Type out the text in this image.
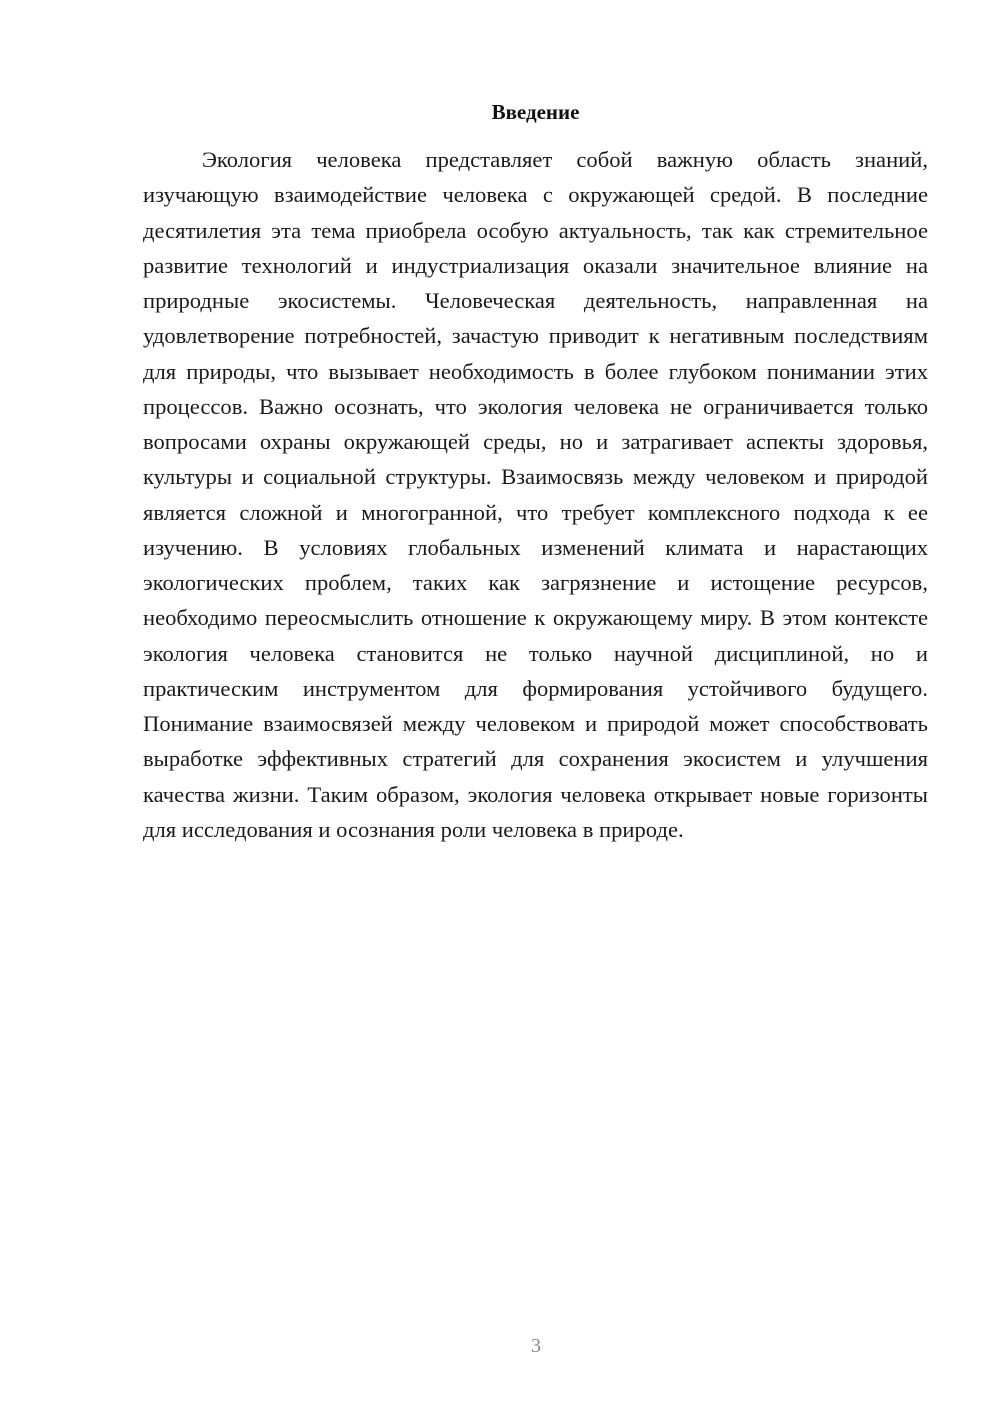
Введение

Экология человека представляет собой важную область знаний, изучающую взаимодействие человека с окружающей средой. В последние десятилетия эта тема приобрела особую актуальность, так как стремительное развитие технологий и индустриализация оказали значительное влияние на природные экосистемы. Человеческая деятельность, направленная на удовлетворение потребностей, зачастую приводит к негативным последствиям для природы, что вызывает необходимость в более глубоком понимании этих процессов. Важно осознать, что экология человека не ограничивается только вопросами охраны окружающей среды, но и затрагивает аспекты здоровья, культуры и социальной структуры. Взаимосвязь между человеком и природой является сложной и многогранной, что требует комплексного подхода к ее изучению. В условиях глобальных изменений климата и нарастающих экологических проблем, таких как загрязнение и истощение ресурсов, необходимо переосмыслить отношение к окружающему миру. В этом контексте экология человека становится не только научной дисциплиной, но и практическим инструментом для формирования устойчивого будущего. Понимание взаимосвязей между человеком и природой может способствовать выработке эффективных стратегий для сохранения экосистем и улучшения качества жизни. Таким образом, экология человека открывает новые горизонты для исследования и осознания роли человека в природе.

3
